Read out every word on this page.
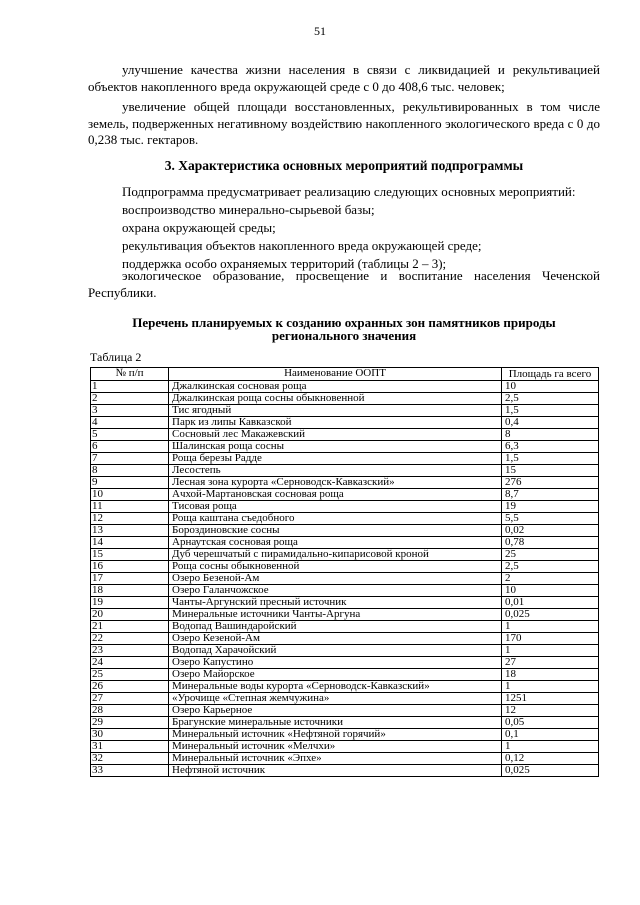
51
улучшение качества жизни населения в связи с ликвидацией и рекультивацией объектов накопленного вреда окружающей среде с 0 до 408,6 тыс. человек;
увеличение общей площади восстановленных, рекультивированных в том числе земель, подверженных негативному воздействию накопленного экологического вреда с 0 до 0,238 тыс. гектаров.
3. Характеристика основных мероприятий подпрограммы
Подпрограмма предусматривает реализацию следующих основных мероприятий:
воспроизводство минерально-сырьевой базы;
охрана окружающей среды;
рекультивация объектов накопленного вреда окружающей среде;
поддержка особо охраняемых территорий (таблицы 2 – 3);
экологическое образование, просвещение и воспитание населения Чеченской Республики.
Перечень планируемых к созданию охранных зон памятников природы регионального значения
Таблица 2
№ п/п	Наименование ООПТ	Площадь га всего
1	Джалкинская сосновая роща	10
2	Джалкинская роща сосны обыкновенной	2,5
3	Тис ягодный	1,5
4	Парк из липы Кавказской	0,4
5	Сосновый лес Макажевский	8
6	Шалинская роща сосны	6,3
7	Роща березы Радде	1,5
8	Лесостепь	15
9	Лесная зона курорта «Серноводск-Кавказский»	276
10	Ачхой-Мартановская сосновая роща	8,7
11	Тисовая роща	19
12	Роща каштана съедобного	5,5
13	Бороздиновские сосны	0,02
14	Арнаутская сосновая роща	0,78
15	Дуб черешчатый с пирамидально-кипарисовой кроной	25
16	Роща сосны обыкновенной	2,5
17	Озеро Безеной-Ам	2
18	Озеро Галанчожское	10
19	Чанты-Аргунский пресный источник	0,01
20	Минеральные источники Чанты-Аргуна	0,025
21	Водопад Вашиндаройский	1
22	Озеро Кезеной-Ам	170
23	Водопад Харачойский	1
24	Озеро Капустино	27
25	Озеро Майорское	18
26	Минеральные воды курорта «Серноводск-Кавказский»	1
27	«Урочище «Степная жемчужина»	1251
28	Озеро Карьерное	12
29	Брагунские минеральные источники	0,05
30	Минеральный источник «Нефтяной горячий»	0,1
31	Минеральный источник «Мелчхи»	1
32	Минеральный источник «Эпхе»	0,12
33	Нефтяной источник	0,025
